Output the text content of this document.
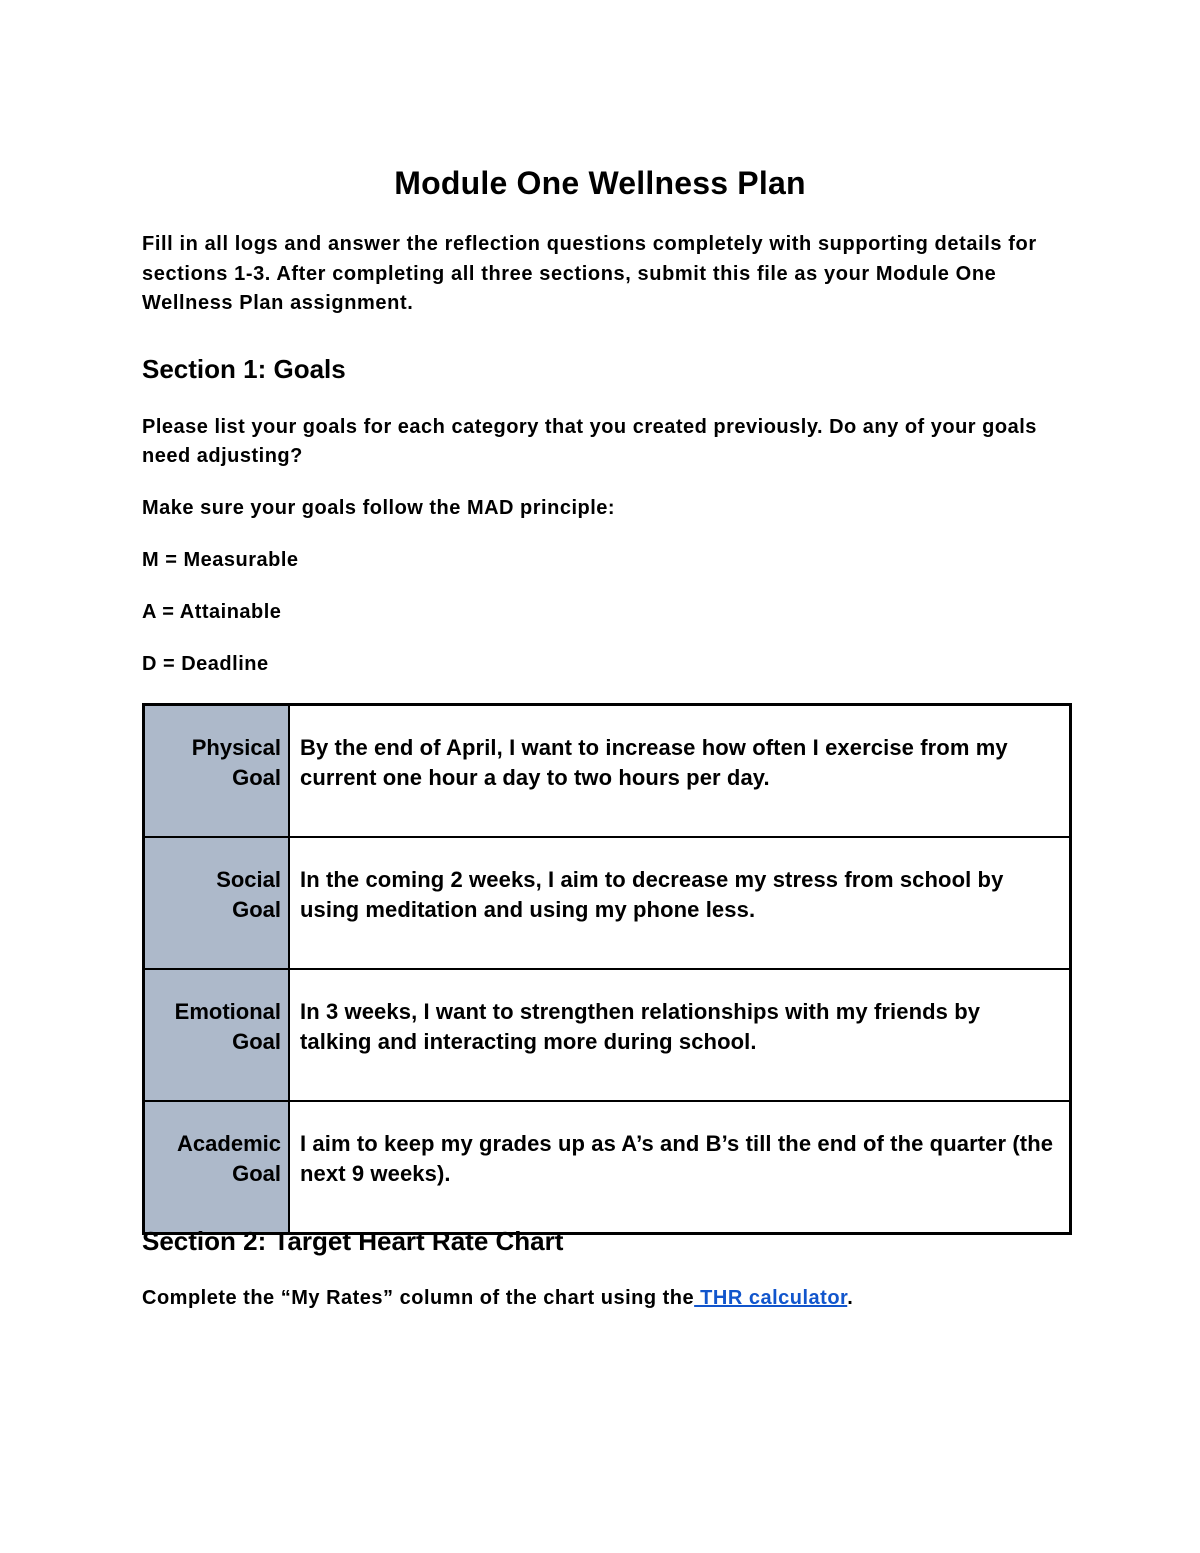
Module One Wellness Plan

Fill in all logs and answer the reflection questions completely with supporting details for sections 1-3. After completing all three sections, submit this file as your Module One Wellness Plan assignment.

Section 1: Goals

Please list your goals for each category that you created previously. Do any of your goals need adjusting?

Make sure your goals follow the MAD principle:

M = Measurable

A = Attainable

D = Deadline

Physical
Goal	By the end of April, I want to increase how often I exercise from my current one hour a day to two hours per day.
Social
Goal	In the coming 2 weeks, I aim to decrease my stress from school by using meditation and using my phone less.
Emotional
Goal	In 3 weeks, I want to strengthen relationships with my friends by talking and interacting more during school.
Academic
Goal	I aim to keep my grades up as A’s and B’s till the end of the quarter (the next 9 weeks).
Section 2: Target Heart Rate Chart

Complete the “My Rates” column of the chart using the THR calculator.
